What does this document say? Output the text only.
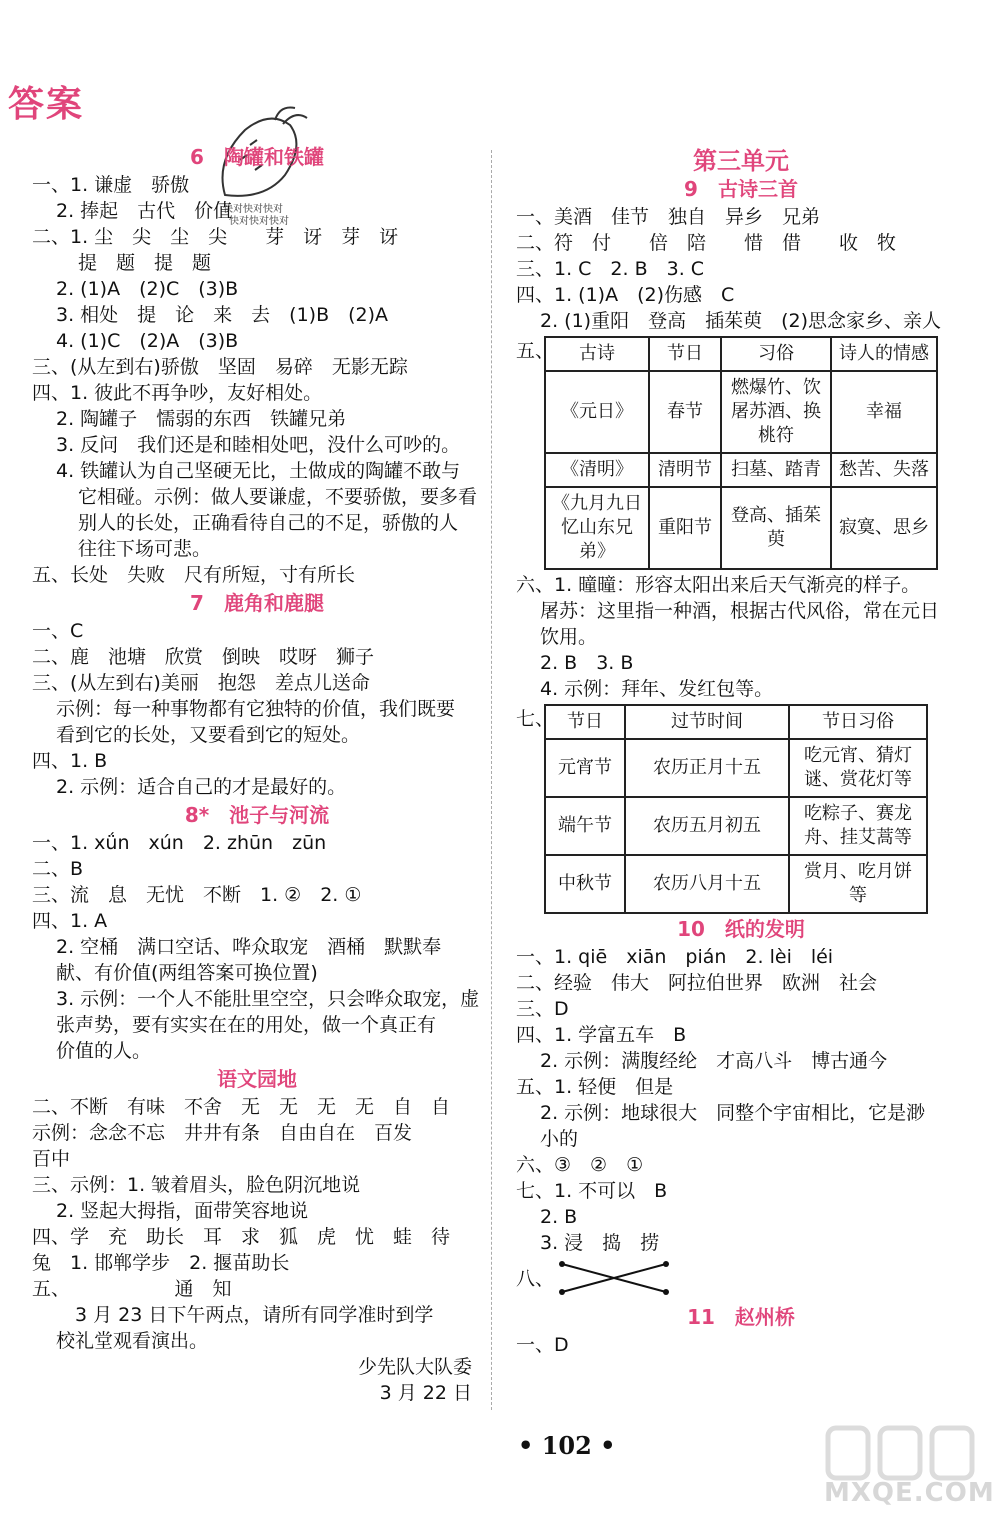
答案
快对快对快对
快对快对快对
6　陶罐和铁罐
一、1. 谦虚　骄傲
2. 捧起　古代　价值
二、1. 尘　尖　尘　尖　　芽　讶　芽　讶
提　题　提　题
2. (1)A　(2)C　(3)B
3. 相处　提　论　来　去　(1)B　(2)A
4. (1)C　(2)A　(3)B
三、(从左到右)骄傲　坚固　易碎　无影无踪
四、1. 彼此不再争吵，友好相处。
2. 陶罐子　懦弱的东西　铁罐兄弟
3. 反问　我们还是和睦相处吧，没什么可吵的。
4. 铁罐认为自己坚硬无比，土做成的陶罐不敢与
它相碰。示例：做人要谦虚，不要骄傲，要多看
别人的长处，正确看待自己的不足，骄傲的人
往往下场可悲。
五、长处　失败　尺有所短，寸有所长
7　鹿角和鹿腿
一、C
二、鹿　池塘　欣赏　倒映　哎呀　狮子
三、(从左到右)美丽　抱怨　差点儿送命
示例：每一种事物都有它独特的价值，我们既要
看到它的长处，又要看到它的短处。
四、1. B
2. 示例：适合自己的才是最好的。
8*　池子与河流
一、1. xǘn　xún　2. zhūn　zūn
二、B
三、流　息　无忧　不断　1. ②　2. ①
四、1. A
2. 空桶　满口空话、哗众取宠　酒桶　默默奉
献、有价值(两组答案可换位置)
3. 示例：一个人不能肚里空空，只会哗众取宠，虚
张声势，要有实实在在的用处，做一个真正有
价值的人。
语文园地
二、不断　有味　不舍　无　无　无　无　自　自
示例：念念不忘　井井有条　自由自在　百发
百中
三、示例：1. 皱着眉头，脸色阴沉地说
2. 竖起大拇指，面带笑容地说
四、学　充　助长　耳　求　狐　虎　忧　蛙　待
兔　1. 邯郸学步　2. 揠苗助长
五、　　　　　　通　知
　3 月 23 日下午两点，请所有同学准时到学
校礼堂观看演出。
少先队大队委
3 月 22 日
第三单元
9　古诗三首
一、美酒　佳节　独自　异乡　兄弟
二、符　付　　倍　陪　　惜　借　　收　牧
三、1. C　2. B　3. C
四、1. (1)A　(2)伤感　C
2. (1)重阳　登高　插茱萸　(2)思念家乡、亲人
五、 古诗	节日	习俗	诗人的情感
《元日》	春节	燃爆竹、饮屠苏酒、换桃符	幸福
《清明》	清明节	扫墓、踏青	愁苦、失落
《九月九日忆山东兄弟》	重阳节	登高、插茱萸	寂寞、思乡
六、1. 曈曈：形容太阳出来后天气渐亮的样子。
屠苏：这里指一种酒，根据古代风俗，常在元日
饮用。
2. B　3. B
4. 示例：拜年、发红包等。
七、 节日	过节时间	节日习俗
元宵节	农历正月十五	吃元宵、猜灯谜、赏花灯等
端午节	农历五月初五	吃粽子、赛龙舟、挂艾蒿等
中秋节	农历八月十五	赏月、吃月饼等
10　纸的发明
一、1. qiē　xiān　pián　2. lèi　léi
二、经验　伟大　阿拉伯世界　欧洲　社会
三、D
四、1. 学富五车　B
2. 示例：满腹经纶　才高八斗　博古通今
五、1. 轻便　但是
2. 示例：地球很大　同整个宇宙相比，它是渺
小的
六、③　②　①
七、1. 不可以　B
2. B
3. 浸　捣　捞
八、
11　赵州桥
一、D
• 102 •
MXQE.COM
